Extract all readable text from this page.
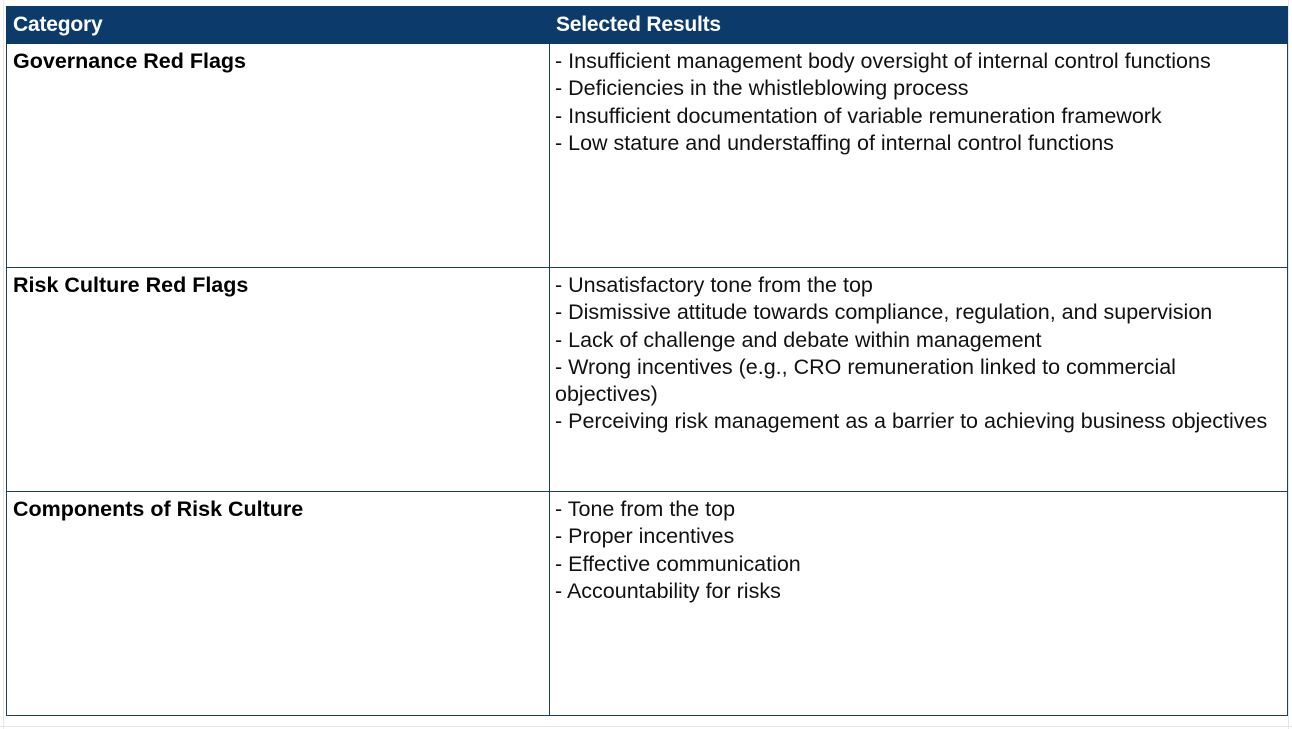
Category	Selected Results
Governance Red Flags	- Insufficient management body oversight of internal control functions
- Deficiencies in the whistleblowing process
- Insufficient documentation of variable remuneration framework
- Low stature and understaffing of internal control functions

Risk Culture Red Flags	- Unsatisfactory tone from the top
- Dismissive attitude towards compliance, regulation, and supervision
- Lack of challenge and debate within management
- Wrong incentives (e.g., CRO remuneration linked to commercial objectives)
- Perceiving risk management as a barrier to achieving business objectives

Components of Risk Culture	- Tone from the top
- Proper incentives
- Effective communication
- Accountability for risks
